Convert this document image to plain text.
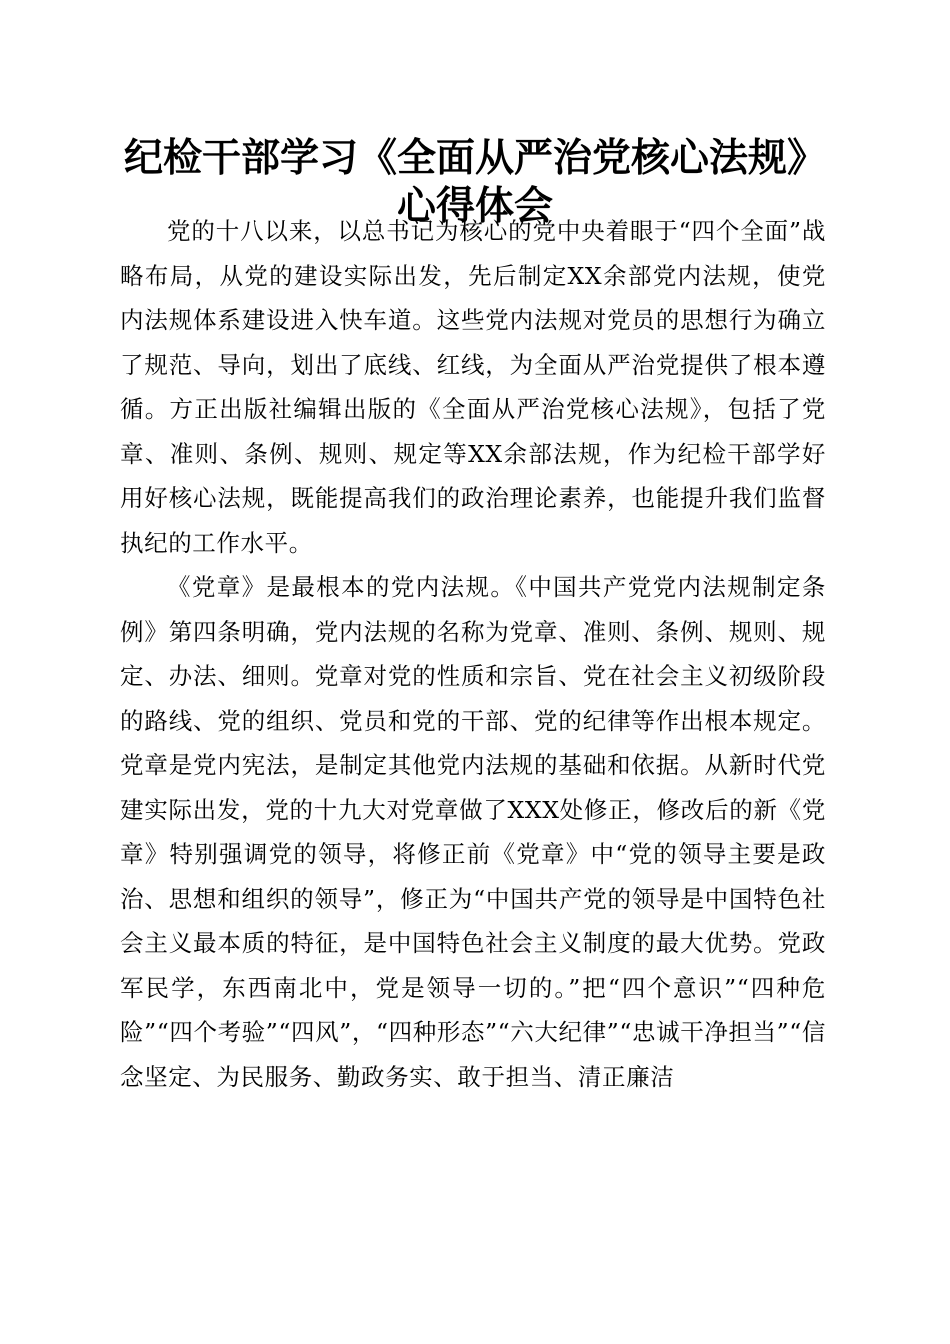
纪检干部学习《全面从严治党核心法规》心得体会

党的十八以来，以总书记为核心的党中央着眼于“四个全面”战略布局，从党的建设实际出发，先后制定XX余部党内法规，使党内法规体系建设进入快车道。这些党内法规对党员的思想行为确立了规范、导向，划出了底线、红线，为全面从严治党提供了根本遵循。方正出版社编辑出版的《全面从严治党核心法规》，包括了党章、准则、条例、规则、规定等XX余部法规，作为纪检干部学好用好核心法规，既能提高我们的政治理论素养，也能提升我们监督执纪的工作水平。

《党章》是最根本的党内法规。《中国共产党党内法规制定条例》第四条明确，党内法规的名称为党章、准则、条例、规则、规定、办法、细则。党章对党的性质和宗旨、党在社会主义初级阶段的路线、党的组织、党员和党的干部、党的纪律等作出根本规定。党章是党内宪法，是制定其他党内法规的基础和依据。从新时代党建实际出发，党的十九大对党章做了XXX处修正，修改后的新《党章》特别强调党的领导，将修正前《党章》中“党的领导主要是政治、思想和组织的领导”，修正为“中国共产党的领导是中国特色社会主义最本质的特征，是中国特色社会主义制度的最大优势。党政军民学，东西南北中，党是领导一切的。”把“四个意识”“四种危险”“四个考验”“四风”，“四种形态”“六大纪律”“忠诚干净担当”“信念坚定、为民服务、勤政务实、敢于担当、清正廉洁
